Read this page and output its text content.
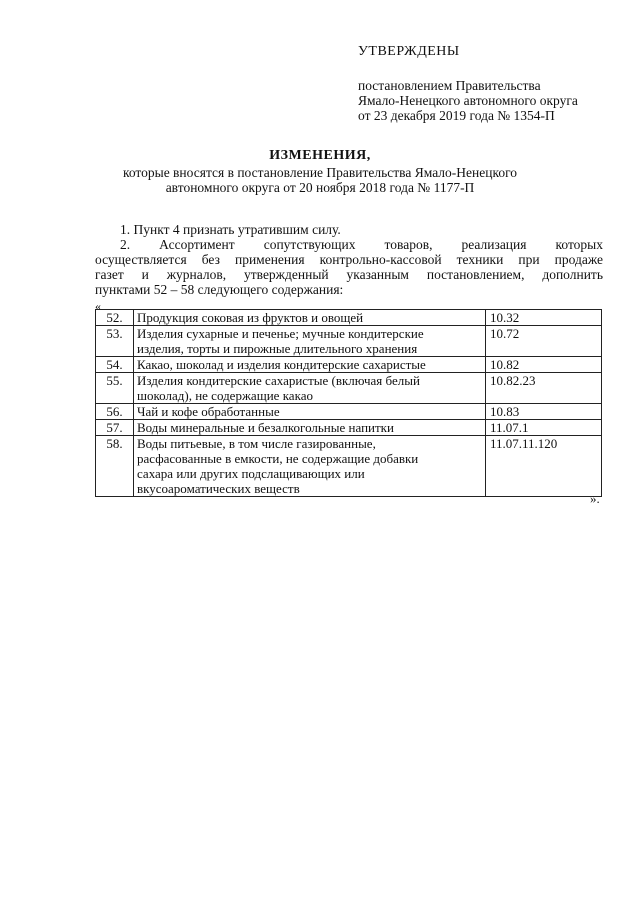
УТВЕРЖДЕНЫ
постановлением Правительства
Ямало-Ненецкого автономного округа
от 23 декабря 2019 года № 1354-П
ИЗМЕНЕНИЯ,
которые вносятся в постановление Правительства Ямало-Ненецкого
автономного округа от 20 ноября 2018 года № 1177-П

1. Пункт 4 признать утратившим силу.

2. Ассортимент сопутствующих товаров, реализация которых

осуществляется без применения контрольно-кассовой техники при продаже

газет и журналов, утвержденный указанным постановлением, дополнить

пунктами 52 – 58 следующего содержания:

«
52.	Продукция соковая из фруктов и овощей	10.32
53.	Изделия сухарные и печенье; мучные кондитерские
изделия, торты и пирожные длительного хранения	10.72
54.	Какао, шоколад и изделия кондитерские сахаристые	10.82
55.	Изделия кондитерские сахаристые (включая белый
шоколад), не содержащие какао	10.82.23
56.	Чай и кофе обработанные	10.83
57.	Воды минеральные и безалкогольные напитки	11.07.1
58.	Воды питьевые, в том числе газированные,
расфасованные в емкости, не содержащие добавки
сахара или других подслащивающих или
вкусоароматических веществ	11.07.11.120
».
